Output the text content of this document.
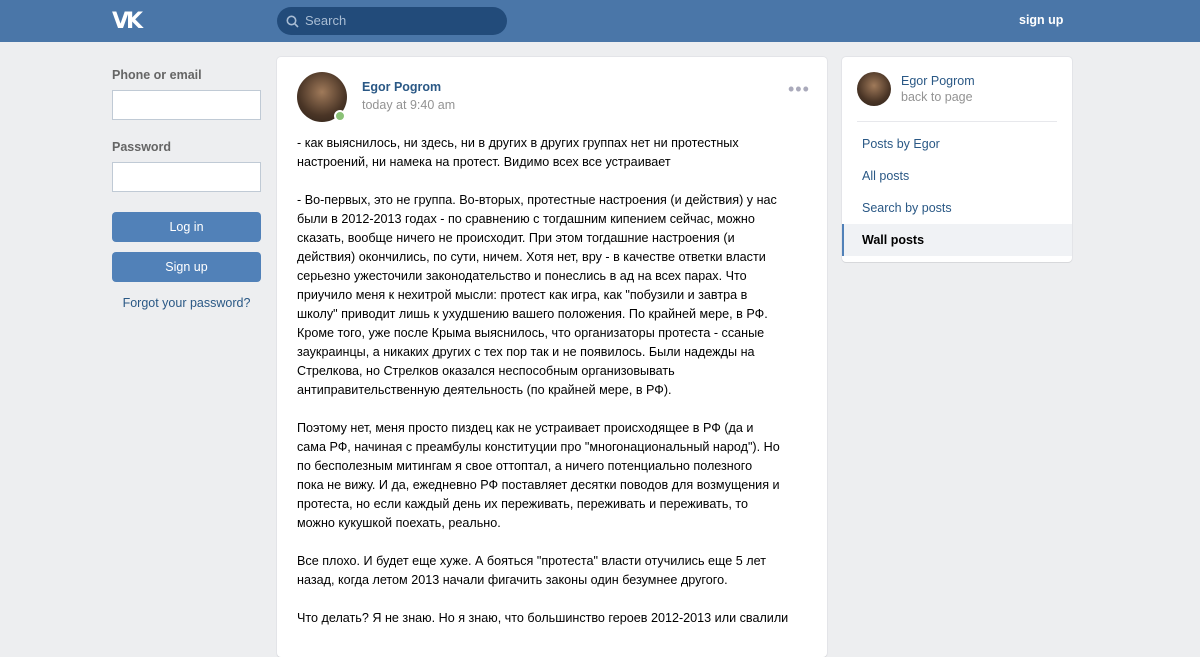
VK	Search	sign up
Phone or email
Password
Log in
Sign up
Forgot your password?
Egor Pogrom
today at 9:40 am
•••

- как выяснилось, ни здесь, ни в других в других группах нет ни протестных
настроений, ни намека на протест. Видимо всех все устраивает

- Во-первых, это не группа. Во-вторых, протестные настроения (и действия) у нас
были в 2012-2013 годах - по сравнению с тогдашним кипением сейчас, можно
сказать, вообще ничего не происходит. При этом тогдашние настроения (и
действия) окончились, по сути, ничем. Хотя нет, вру - в качестве ответки власти
серьезно ужесточили законодательство и понеслись в ад на всех парах. Что
приучило меня к нехитрой мысли: протест как игра, как "побузили и завтра в
школу" приводит лишь к ухудшению вашего положения. По крайней мере, в РФ.
Кроме того, уже после Крыма выяснилось, что организаторы протеста - ссаные
заукраинцы, а никаких других с тех пор так и не появилось. Были надежды на
Стрелкова, но Стрелков оказался неспособным организовывать
антиправительственную деятельность (по крайней мере, в РФ).

Поэтому нет, меня просто пиздец как не устраивает происходящее в РФ (да и
сама РФ, начиная с преамбулы конституции про "многонациональный народ"). Но
по бесполезным митингам я свое оттоптал, а ничего потенциально полезного
пока не вижу. И да, ежедневно РФ поставляет десятки поводов для возмущения и
протеста, но если каждый день их переживать, переживать и переживать, то
можно кукушкой поехать, реально.

Все плохо. И будет еще хуже. А бояться "протеста" власти отучились еще 5 лет
назад, когда летом 2013 начали фигачить законы один безумнее другого.

Что делать? Я не знаю. Но я знаю, что большинство героев 2012-2013 или свалили

Egor Pogrom
back to page
Posts by Egor
All posts
Search by posts
Wall posts
